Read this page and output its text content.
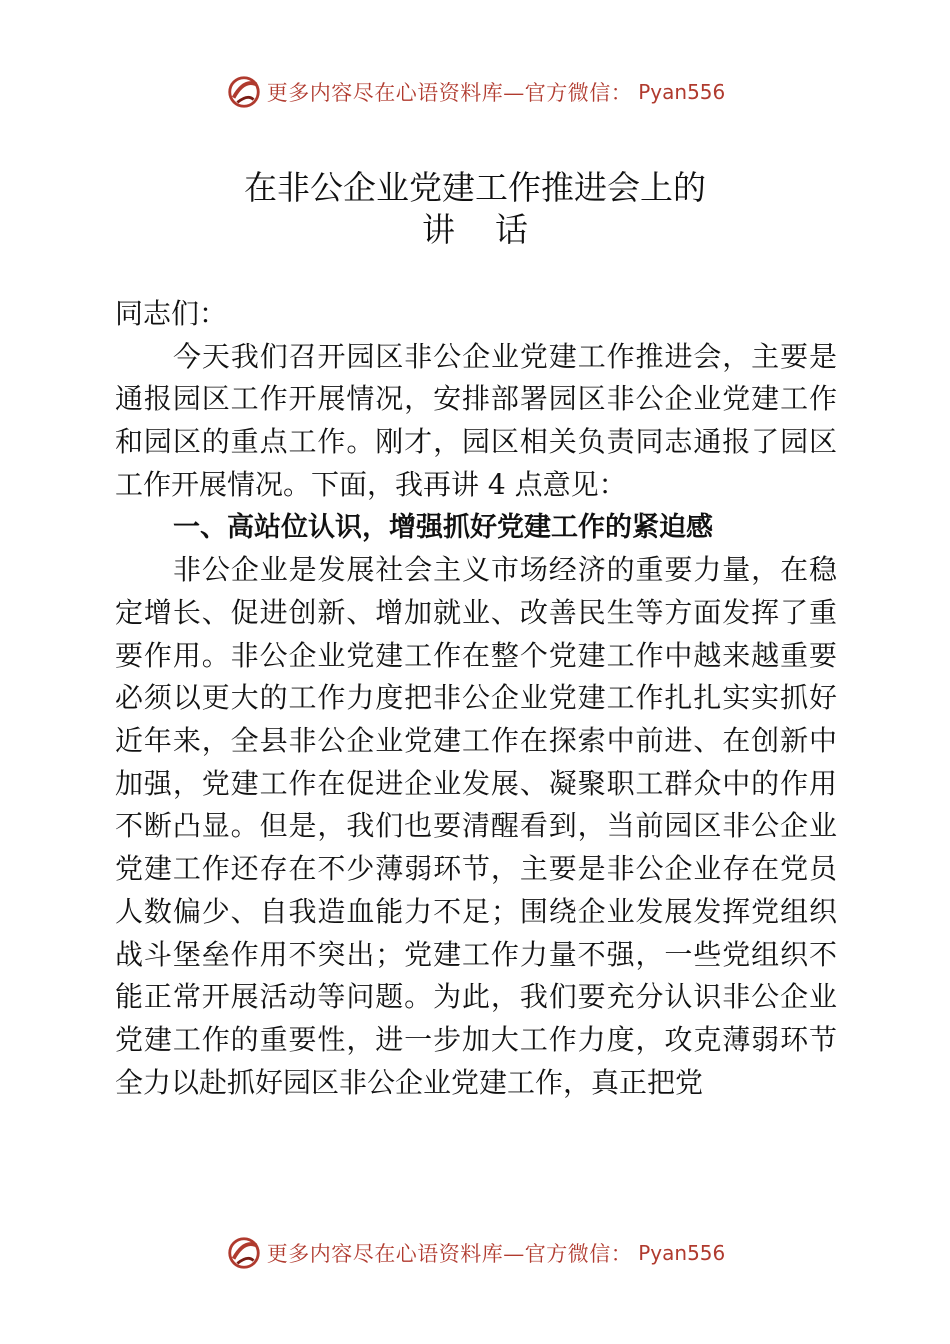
更多内容尽在心语资料库—官方微信： Pyan556
在非公企业党建工作推进会上的
讲话

同志们：

今天我们召开园区非公企业党建工作推进会，主要是通报园区工作开展情况，安排部署园区非公企业党建工作和园区的重点工作。刚才，园区相关负责同志通报了园区工作开展情况。下面，我再讲 4 点意见：

一、高站位认识，增强抓好党建工作的紧迫感

非公企业是发展社会主义市场经济的重要力量，在稳定增长、促进创新、增加就业、改善民生等方面发挥了重要作用。非公企业党建工作在整个党建工作中越来越重要必须以更大的工作力度把非公企业党建工作扎扎实实抓好近年来，全县非公企业党建工作在探索中前进、在创新中加强，党建工作在促进企业发展、凝聚职工群众中的作用不断凸显。但是，我们也要清醒看到，当前园区非公企业党建工作还存在不少薄弱环节，主要是非公企业存在党员人数偏少、自我造血能力不足；围绕企业发展发挥党组织战斗堡垒作用不突出；党建工作力量不强，一些党组织不能正常开展活动等问题。为此，我们要充分认识非公企业党建工作的重要性，进一步加大工作力度，攻克薄弱环节全力以赴抓好园区非公企业党建工作，真正把党

更多内容尽在心语资料库—官方微信： Pyan556
